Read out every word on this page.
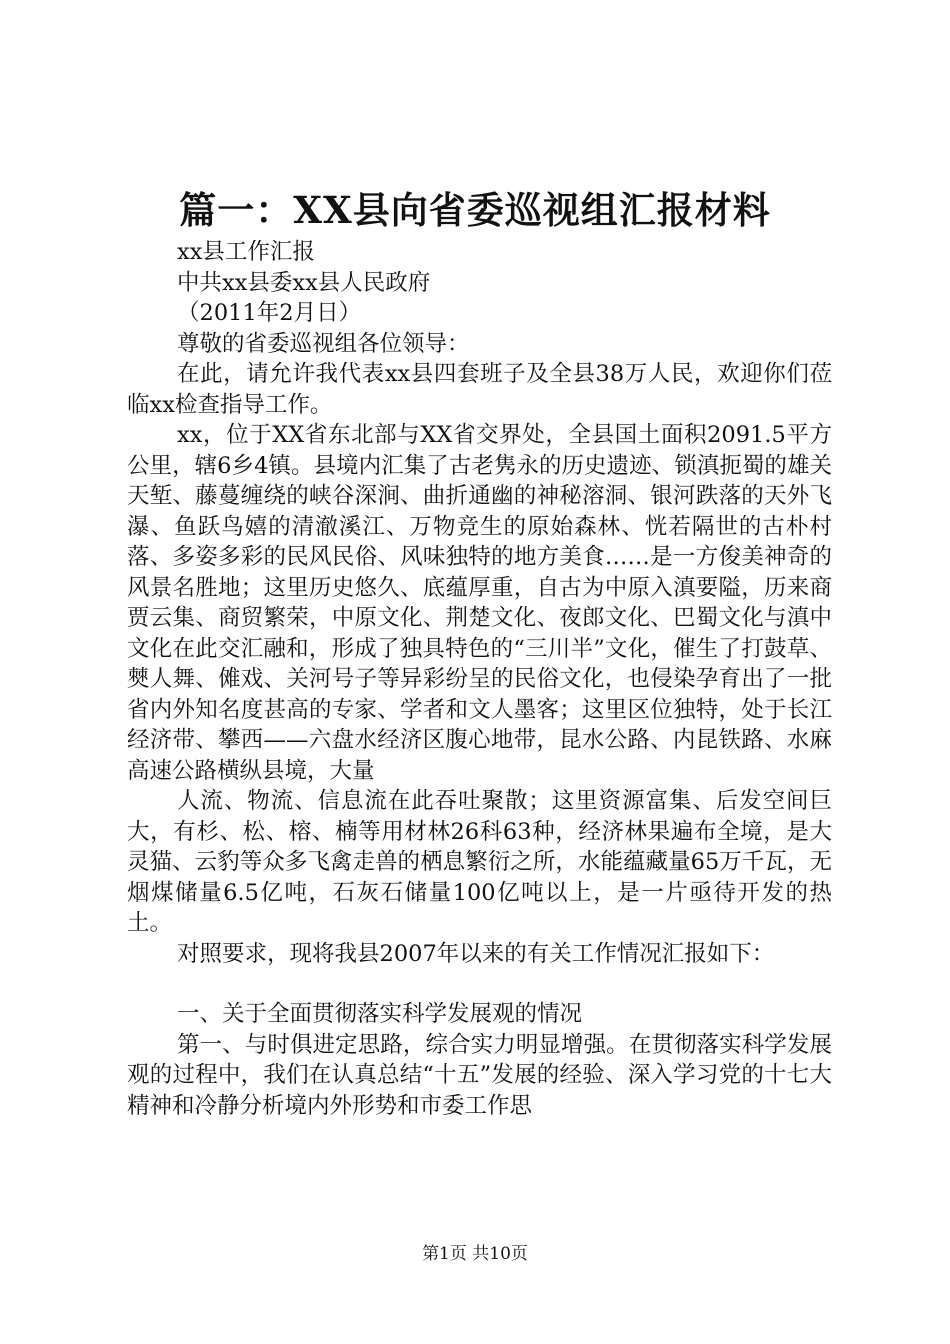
篇一：XX县向省委巡视组汇报材料

xx县工作汇报

中共xx县委xx县人民政府

（2011年2月日）

尊敬的省委巡视组各位领导：

在此，请允许我代表xx县四套班子及全县38万人民，欢迎你们莅临xx检查指导工作。

xx，位于XX省东北部与XX省交界处，全县国土面积2091.5平方公里，辖6乡4镇。县境内汇集了古老隽永的历史遗迹、锁滇扼蜀的雄关天堑、藤蔓缠绕的峡谷深涧、曲折通幽的神秘溶洞、银河跌落的天外飞瀑、鱼跃鸟嬉的清澈溪江、万物竞生的原始森林、恍若隔世的古朴村落、多姿多彩的民风民俗、风味独特的地方美食……是一方俊美神奇的风景名胜地；这里历史悠久、底蕴厚重，自古为中原入滇要隘，历来商贾云集、商贸繁荣，中原文化、荆楚文化、夜郎文化、巴蜀文化与滇中文化在此交汇融和，形成了独具特色的“三川半”文化，催生了打鼓草、僰人舞、傩戏、关河号子等异彩纷呈的民俗文化，也侵染孕育出了一批省内外知名度甚高的专家、学者和文人墨客；这里区位独特，处于长江经济带、攀西——六盘水经济区腹心地带，昆水公路、内昆铁路、水麻高速公路横纵县境，大量

人流、物流、信息流在此吞吐聚散；这里资源富集、后发空间巨大，有杉、松、榕、楠等用材林26科63种，经济林果遍布全境，是大灵猫、云豹等众多飞禽走兽的栖息繁衍之所，水能蕴藏量65万千瓦，无烟煤储量6.5亿吨，石灰石储量100亿吨以上，是一片亟待开发的热土。

对照要求，现将我县2007年以来的有关工作情况汇报如下：

一、关于全面贯彻落实科学发展观的情况

第一、与时俱进定思路，综合实力明显增强。在贯彻落实科学发展观的过程中，我们在认真总结“十五”发展的经验、深入学习党的十七大精神和冷静分析境内外形势和市委工作思

第1页 共10页
